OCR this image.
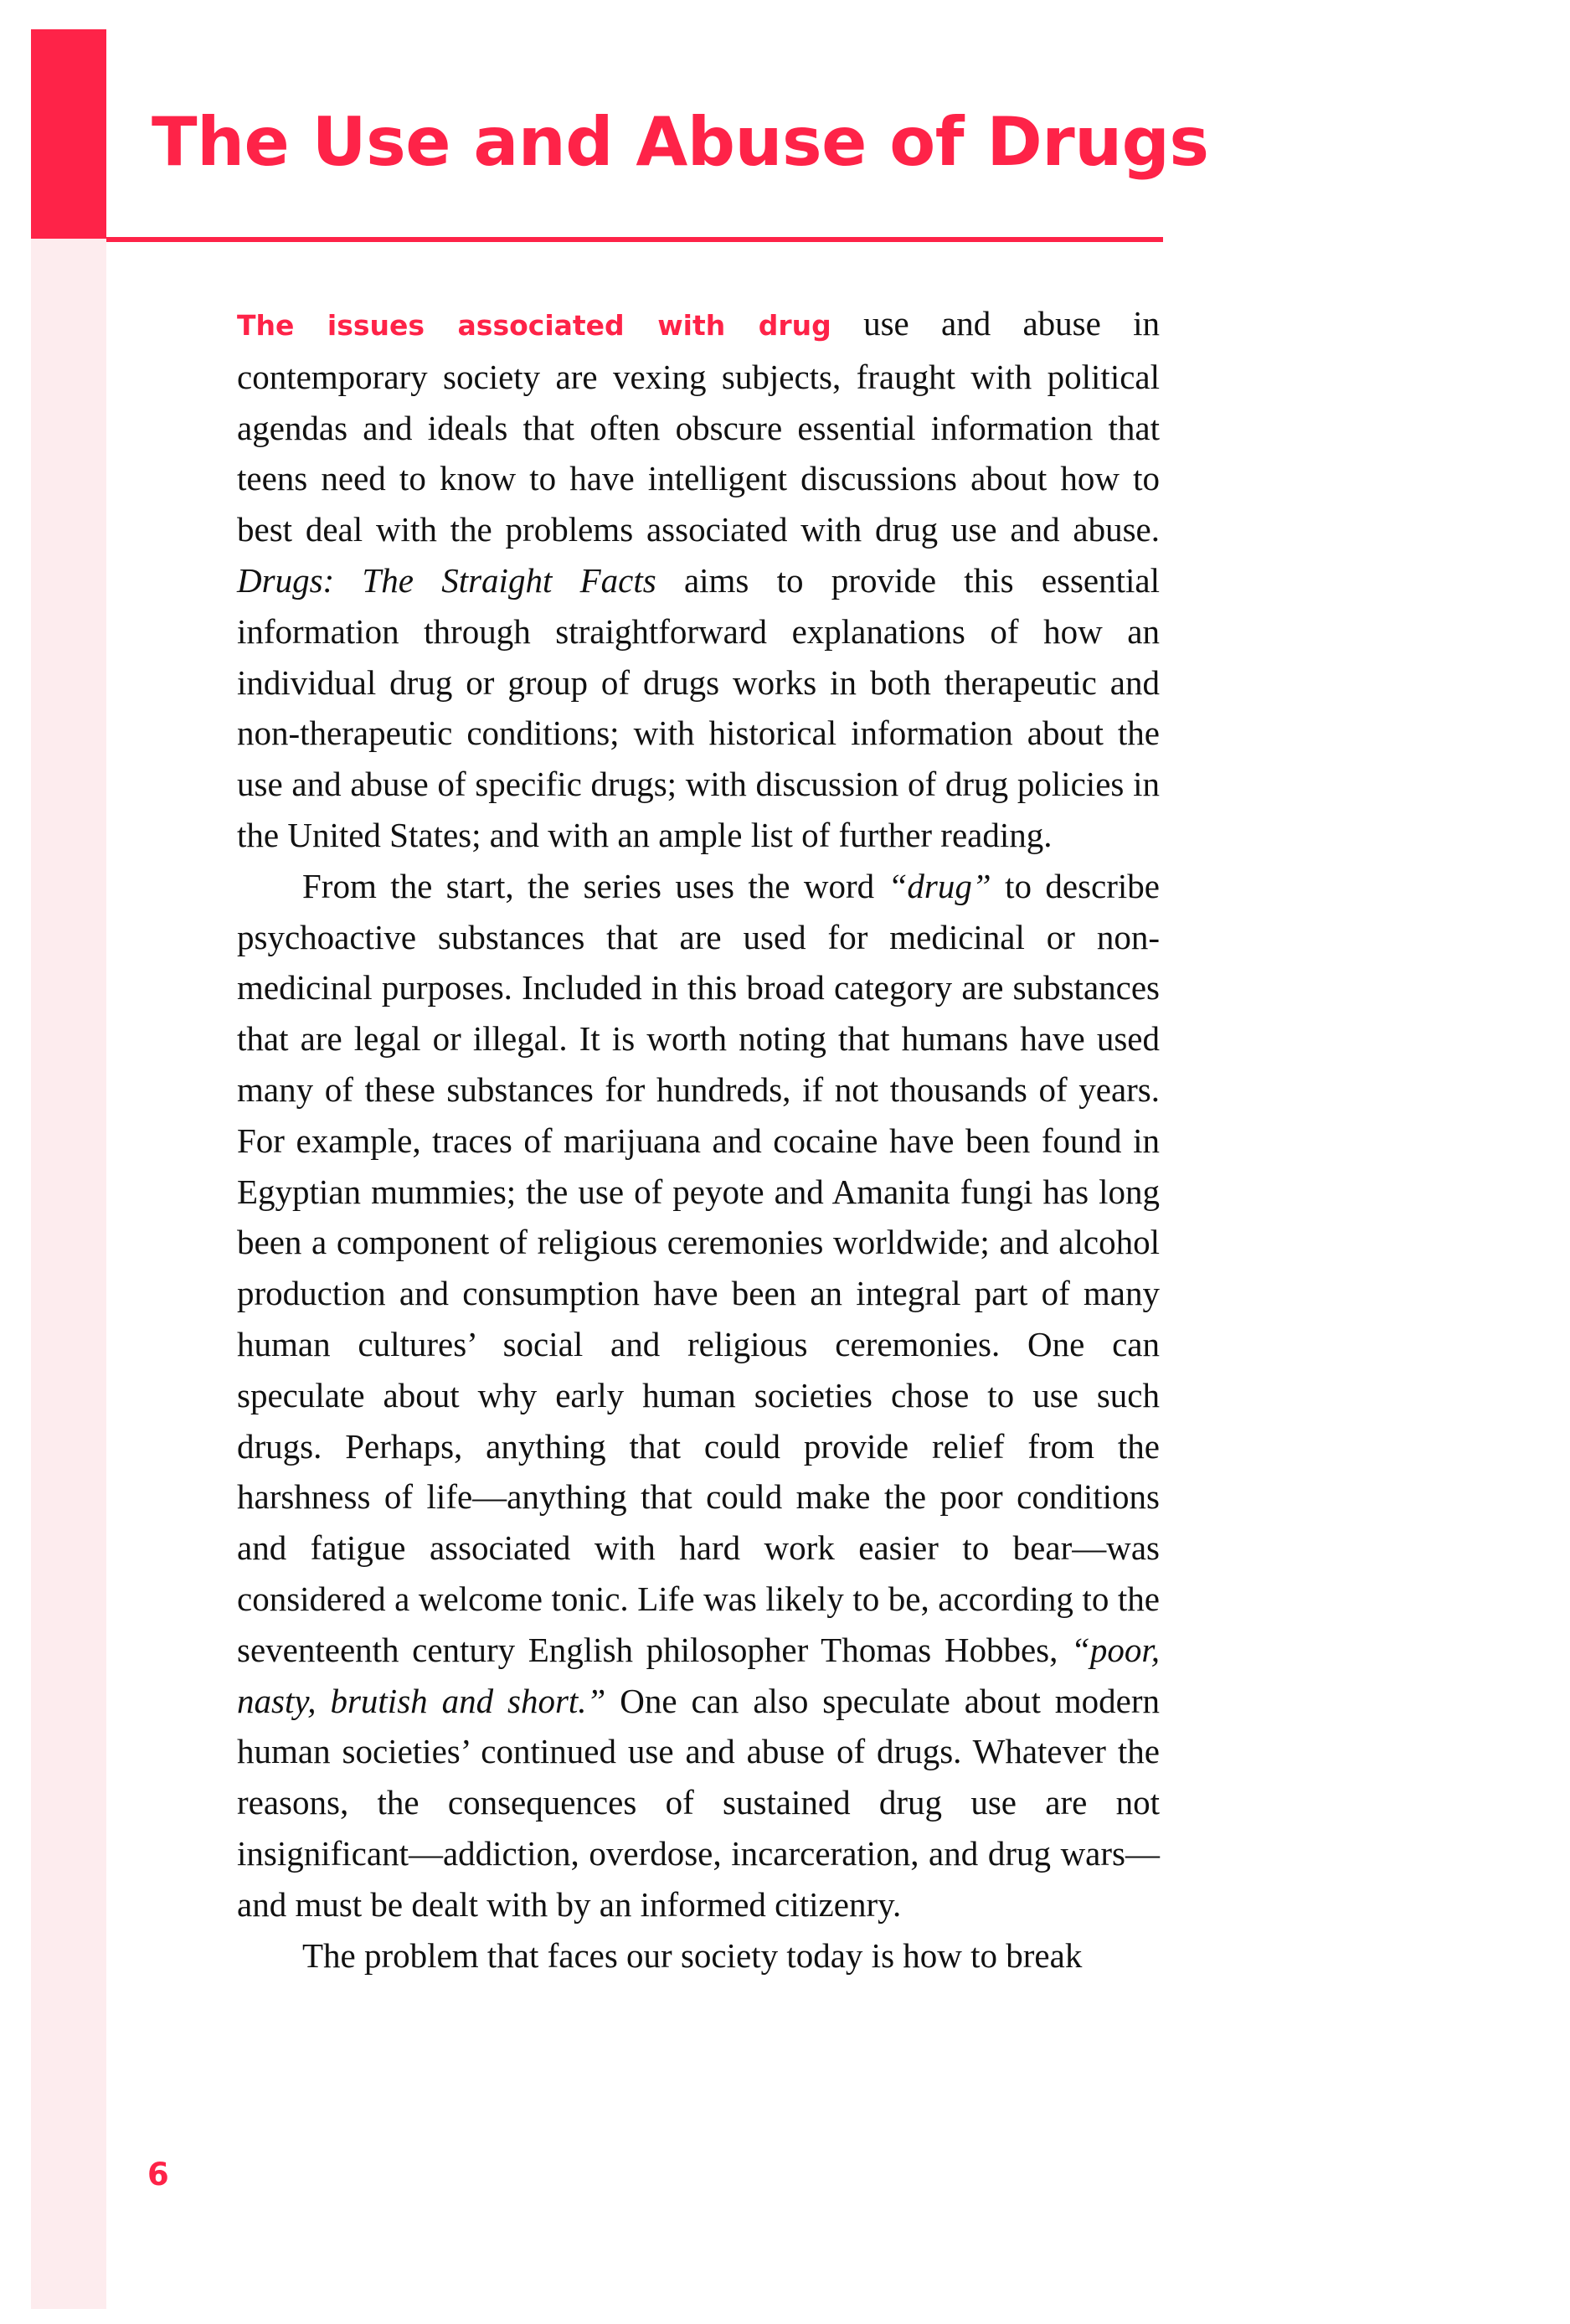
The Use and Abuse of Drugs

The issues associated with drug use and abuse in contemporary society are vexing subjects, fraught with political agendas and ideals that often obscure essential information that teens need to know to have intelligent discussions about how to best deal with the problems associated with drug use and abuse. Drugs: The Straight Facts aims to provide this essential information through straightforward explanations of how an individual drug or group of drugs works in both therapeutic and non-therapeutic conditions; with historical information about the use and abuse of specific drugs; with discussion of drug policies in the United States; and with an ample list of further reading.

From the start, the series uses the word “drug” to describe psychoactive substances that are used for medicinal or non-medicinal purposes. Included in this broad category are substances that are legal or illegal. It is worth noting that humans have used many of these substances for hundreds, if not thousands of years. For example, traces of marijuana and cocaine have been found in Egyptian mummies; the use of peyote and Amanita fungi has long been a component of religious ceremonies worldwide; and alcohol production and consumption have been an integral part of many human cultures’ social and religious ceremonies. One can speculate about why early human societies chose to use such drugs. Perhaps, anything that could provide relief from the harshness of life—anything that could make the poor conditions and fatigue associated with hard work easier to bear—was considered a welcome tonic. Life was likely to be, according to the seventeenth century English philosopher Thomas Hobbes, “poor, nasty, brutish and short.” One can also speculate about modern human societies’ continued use and abuse of drugs. Whatever the reasons, the consequences of sustained drug use are not insignificant—addiction, overdose, incarceration, and drug wars—and must be dealt with by an informed citizenry.

The problem that faces our society today is how to break

6
